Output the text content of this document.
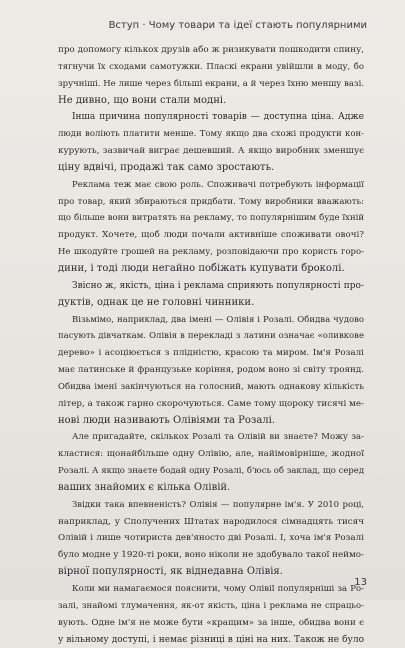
Вступ · Чому товари та ідеї стають популярними
про допомогу кількох друзів або ж ризикувати пошкодити спину,
тягнучи їх сходами самотужки. Пласкі екрани увійшли в моду, бо
зручніші. Не лише через більші екрани, а й через їхню меншу вазі.
Не дивно, що вони стали модні.
Інша причина популярності товарів — доступна ціна. Адже
люди воліють платити менше. Тому якщо два схожі продукти кон-
курують, зазвичай виграє дешевший. А якщо виробник зменшує
ціну вдвічі, продажі так само зростають.
Реклама теж має свою роль. Споживачі потребують інформації
про товар, який збираються придбати. Тому виробники вважають:
що більше вони витратять на рекламу, то популярнішим буде їхній
продукт. Хочете, щоб люди почали активніше споживати овочі?
Не шкодуйте грошей на рекламу, розповідаючи про користь горо-
дини, і тоді люди негайно побіжать купувати броколі.
Звісно ж, якість, ціна і реклама сприяють популярності про-
дуктів, однак це не головні чинники.
Візьмімо, наприклад, два імені — Олівія і Розалі. Обидва чудово
пасують дівчаткам. Олівія в перекладі з латини означає «оливкове
дерево» і асоціюється з плідністю, красою та миром. Ім'я Розалі
має латинське й французьке коріння, родом воно зі світу троянд.
Обидва імені закінчуються на голосний, мають однакову кількість
літер, а також гарно скорочуються. Саме тому щороку тисячі ме-
нові люди називають Олівіями та Розалі.
Але пригадайте, скількох Розалі та Олівій ви знаєте? Можу за-
кластися: щонайбільше одну Олівію, але, найімовірніше, жодної
Розалі. А якщо знаєте бодай одну Розалі, б'юсь об заклад, що серед
ваших знайомих є кілька Олівій.
Звідки така впевненість? Олівія — популярне ім'я. У 2010 році,
наприклад, у Сполучених Штатах народилося сімнадцять тисяч
Олівій і лише чотириста дев'яносто дві Розалі. І, хоча ім'я Розалі
було модне у 1920-ті роки, воно ніколи не здобувало такої неймо-
вірної популярності, як віднедавна Олівія.
Коли ми намагаємося пояснити, чому Олівії популярніші за Ро-
залі, знайомі тлумачення, як-от якість, ціна і реклама не спрацьо-
вують. Одне ім'я не може бути «кращим» за інше, обидва вони є
у вільному доступі, і немає різниці в ціні на них. Також не було
13
